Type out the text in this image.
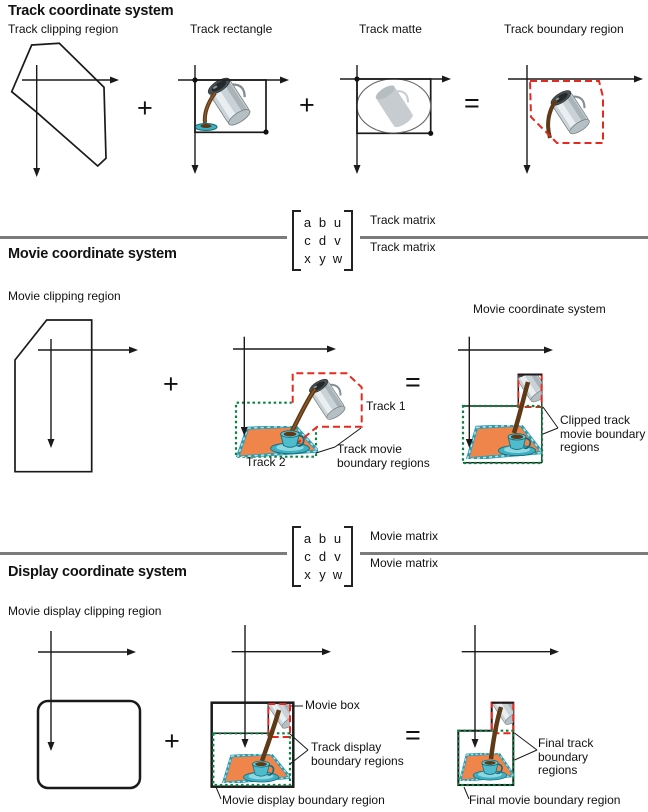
Track coordinate system
Track clipping region	Track rectangle	Track matte	Track boundary region
+	+	=
a b u
c d v
x y w
Track matrix
Track matrix
Movie coordinate system
Movie clipping region
+
Track 1
Track 2
Track movie boundary regions
=
Movie coordinate system
Clipped track movie boundary regions
a b u
c d v
x y w
Movie matrix
Movie matrix
Display coordinate system
Movie display clipping region
+
Movie box
Track display boundary regions
Movie display boundary region
=	Final track boundary regions
Final movie boundary region
